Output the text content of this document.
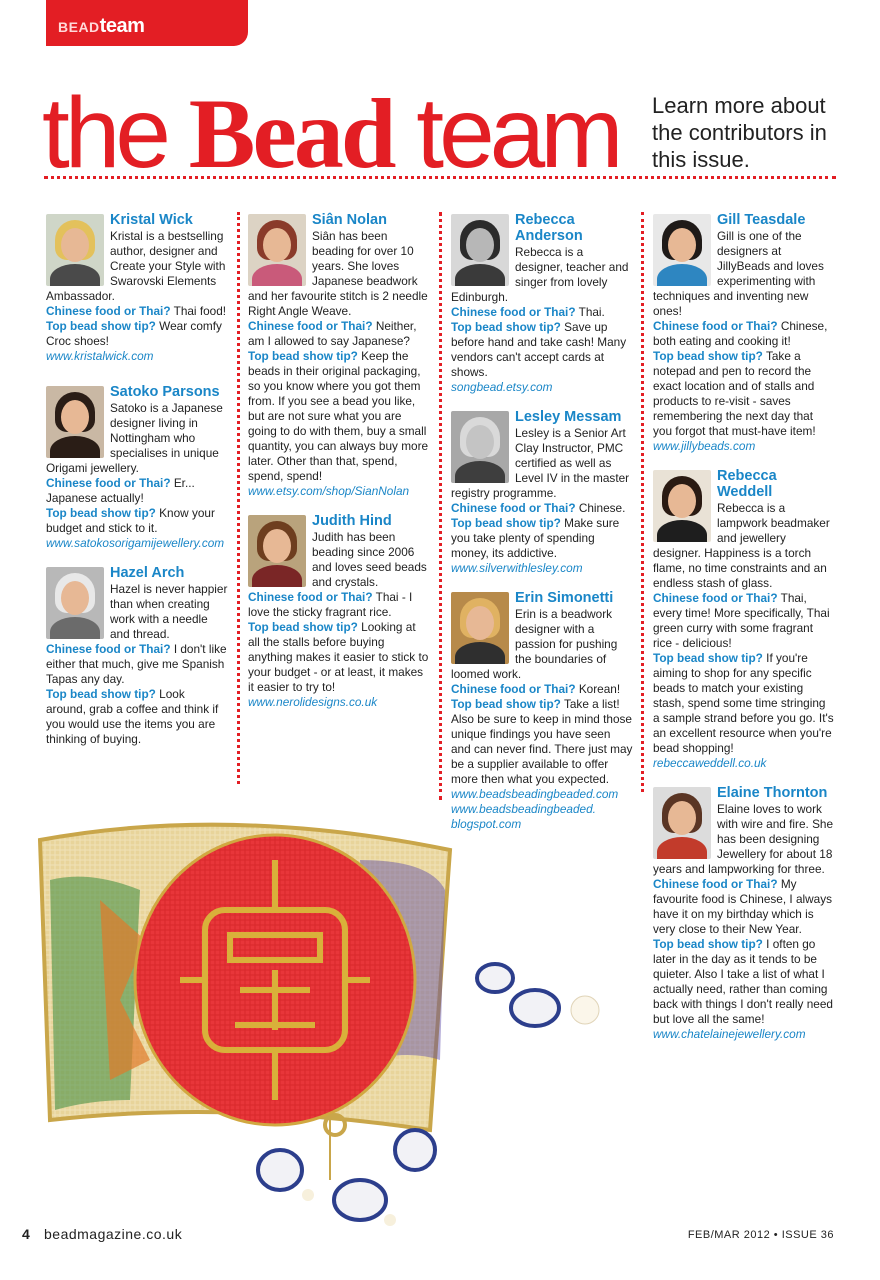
BEADteam
the Bead team Learn more about the contributors in this issue.
Kristal Wick
Kristal is a bestselling author, designer and Create your Style with Swarovski Elements Ambassador.
Chinese food or Thai? Thai food!
Top bead show tip? Wear comfy Croc shoes!
www.kristalwick.com
Satoko Parsons
Satoko is a Japanese designer living in Nottingham who specialises in unique Origami jewellery.
Chinese food or Thai? Er... Japanese actually!
Top bead show tip? Know your budget and stick to it.
www.satokosorigamijewellery.com
Hazel Arch
Hazel is never happier than when creating work with a needle and thread.
Chinese food or Thai? I don't like either that much, give me Spanish Tapas any day.
Top bead show tip? Look around, grab a coffee and think if you would use the items you are thinking of buying.
Siân Nolan
Siân has been beading for over 10 years. She loves Japanese beadwork and her favourite stitch is 2 needle Right Angle Weave.
Chinese food or Thai? Neither, am I allowed to say Japanese?
Top bead show tip? Keep the beads in their original packaging, so you know where you got them from. If you see a bead you like, but are not sure what you are going to do with them, buy a small quantity, you can always buy more later. Other than that, spend, spend, spend!
www.etsy.com/shop/SianNolan
Judith Hind
Judith has been beading since 2006 and loves seed beads and crystals.
Chinese food or Thai? Thai - I love the sticky fragrant rice.
Top bead show tip? Looking at all the stalls before buying anything makes it easier to stick to your budget - or at least, it makes it easier to try to!
www.nerolidesigns.co.uk
Rebecca Anderson
Rebecca is a designer, teacher and singer from lovely Edinburgh.
Chinese food or Thai? Thai.
Top bead show tip? Save up before hand and take cash! Many vendors can't accept cards at shows.
songbead.etsy.com
Lesley Messam
Lesley is a Senior Art Clay Instructor, PMC certified as well as Level IV in the master registry programme.
Chinese food or Thai? Chinese.
Top bead show tip? Make sure you take plenty of spending money, its addictive.
www.silverwithlesley.com
Erin Simonetti
Erin is a beadwork designer with a passion for pushing the boundaries of loomed work.
Chinese food or Thai? Korean!
Top bead show tip? Take a list! Also be sure to keep in mind those unique findings you have seen and can never find. There just may be a supplier available to offer more then what you expected.
www.beadsbeadingbeaded.com
www.beadsbeadingbeaded. blogspot.com
Gill Teasdale
Gill is one of the designers at JillyBeads and loves experimenting with techniques and inventing new ones!
Chinese food or Thai? Chinese, both eating and cooking it!
Top bead show tip? Take a notepad and pen to record the exact location and of stalls and products to re-visit - saves remembering the next day that you forgot that must-have item!
www.jillybeads.com
Rebecca Weddell
Rebecca is a lampwork beadmaker and jewellery designer. Happiness is a torch flame, no time constraints and an endless stash of glass.
Chinese food or Thai? Thai, every time! More specifically, Thai green curry with some fragrant rice - delicious!
Top bead show tip? If you're aiming to shop for any specific beads to match your existing stash, spend some time stringing a sample strand before you go. It's an excellent resource when you're bead shopping!
rebeccaweddell.co.uk
Elaine Thornton
Elaine loves to work with wire and fire. She has been designing Jewellery for about 18 years and lampworking for three.
Chinese food or Thai? My favourite food is Chinese, I always have it on my birthday which is very close to their New Year.
Top bead show tip? I often go later in the day as it tends to be quieter. Also I take a list of what I actually need, rather than coming back with things I don't really need but love all the same!
www.chatelainejewellery.com
4 beadmagazine.co.uk	FEB/MAR 2012 • ISSUE 36
